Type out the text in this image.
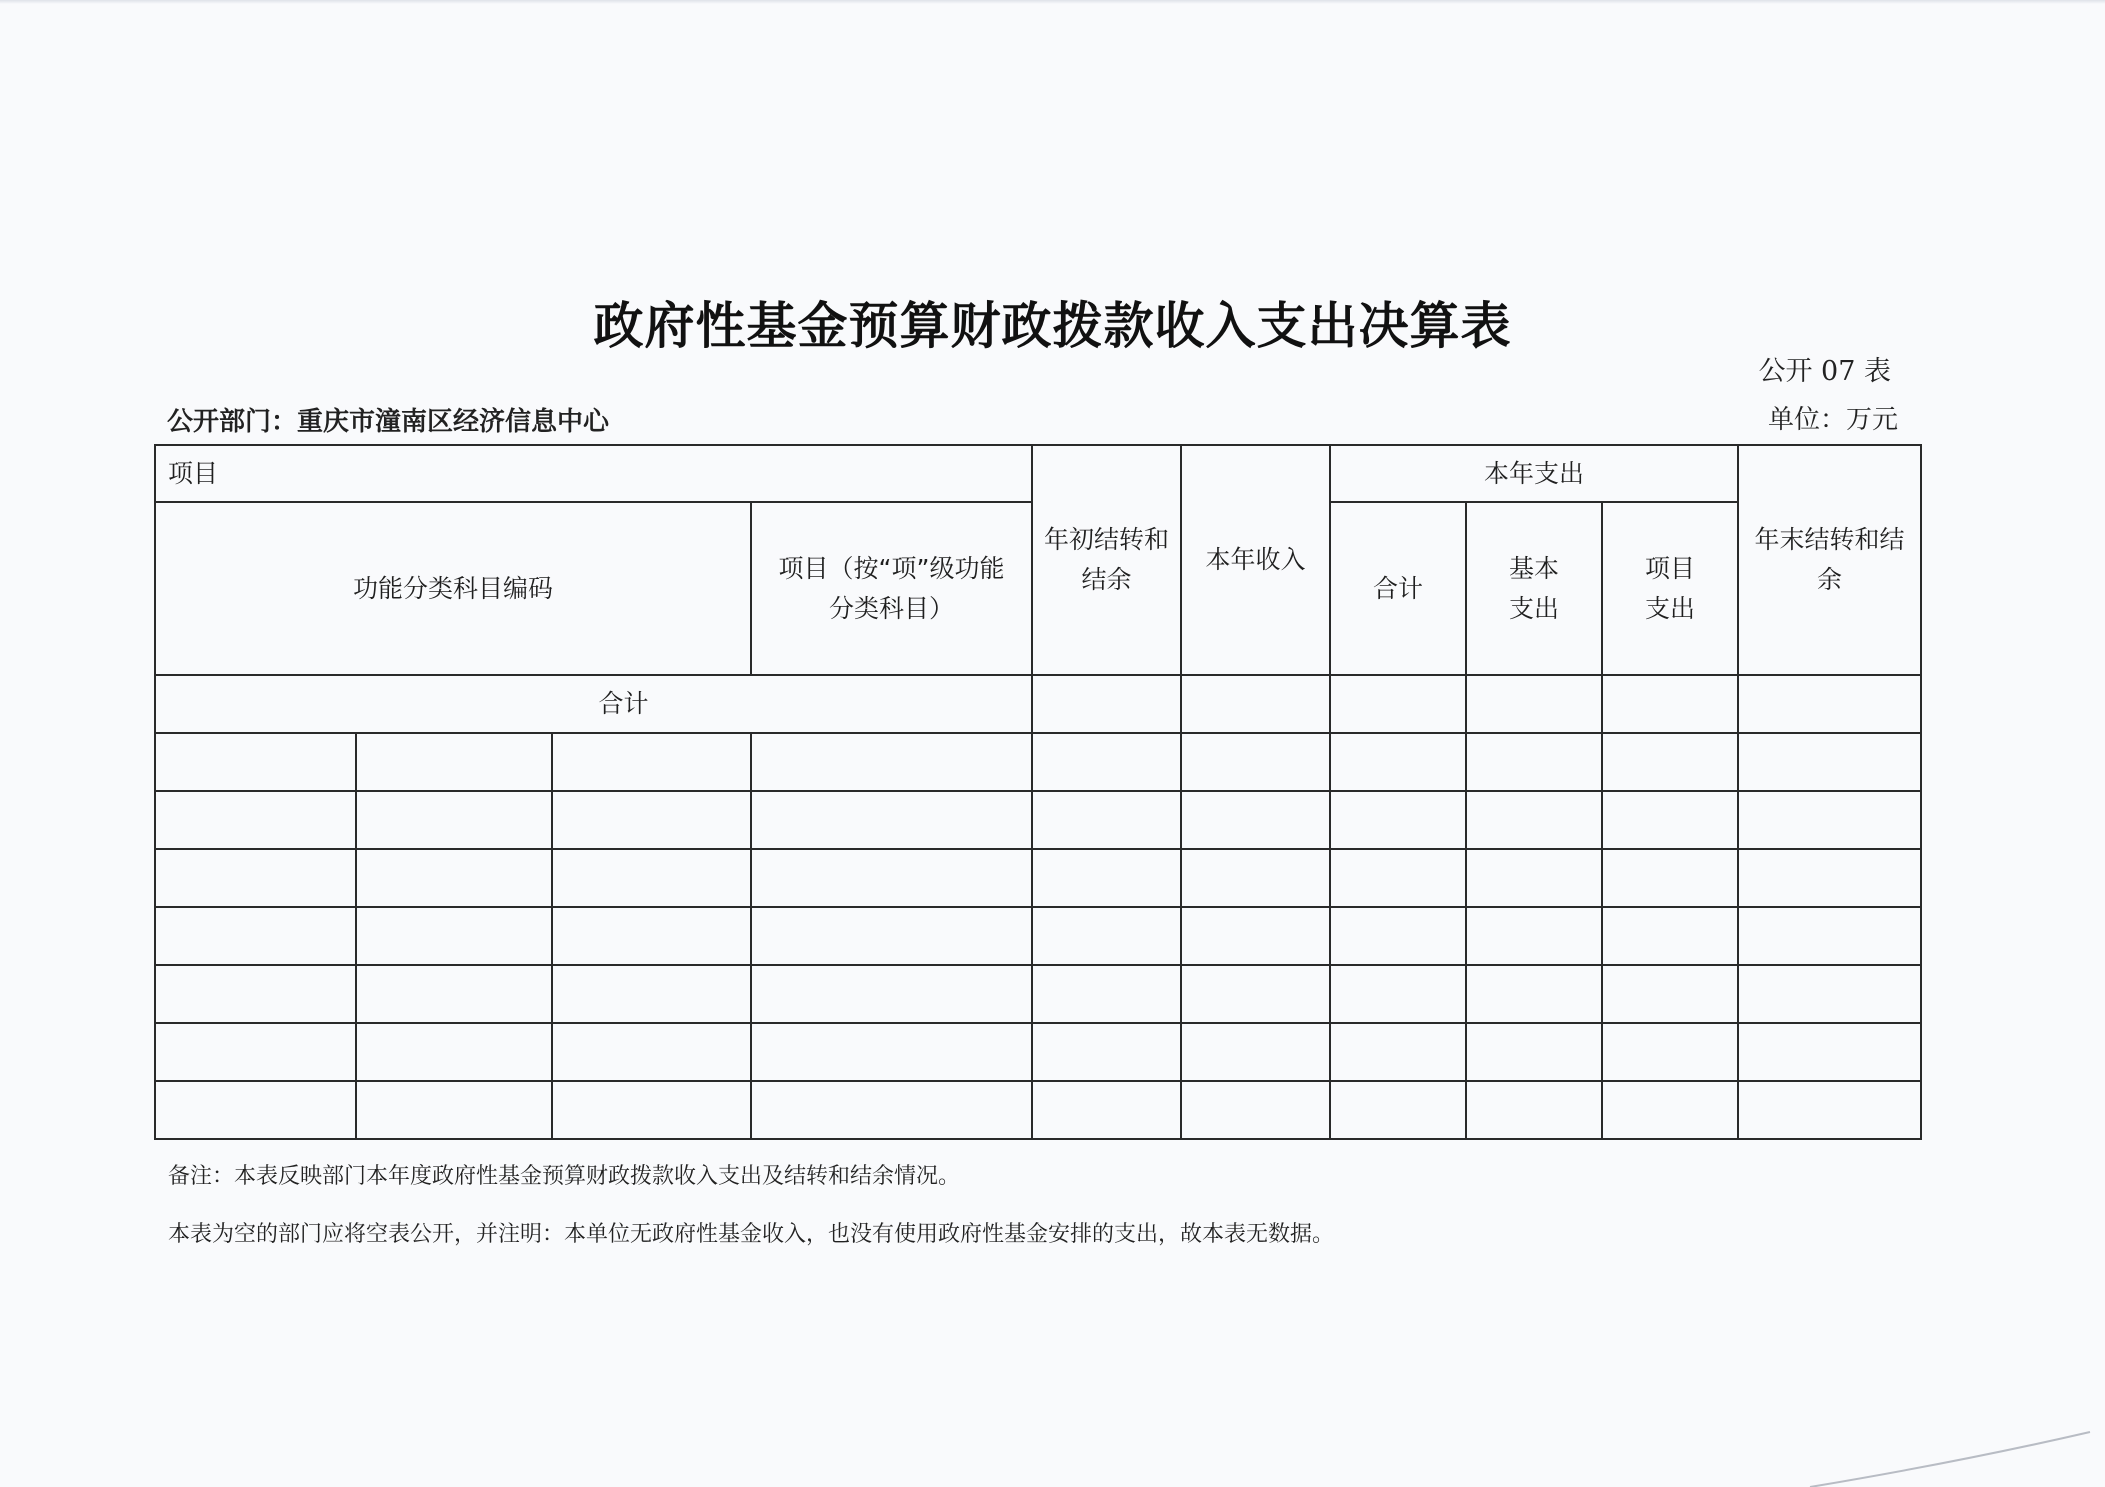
政府性基金预算财政拨款收入支出决算表
公开 07 表
公开部门：重庆市潼南区经济信息中心	单位：万元
项目				年初结转和结余	本年收入	本年支出			年末结转和结余

功能分类科目编码			项目（按“项”级功能分类科目）			合计	基本支出	项目支出	

合计									

备注：本表反映部门本年度政府性基金预算财政拨款收入支出及结转和结余情况。
本表为空的部门应将空表公开，并注明：本单位无政府性基金收入，也没有使用政府性基金安排的支出，故本表无数据。
